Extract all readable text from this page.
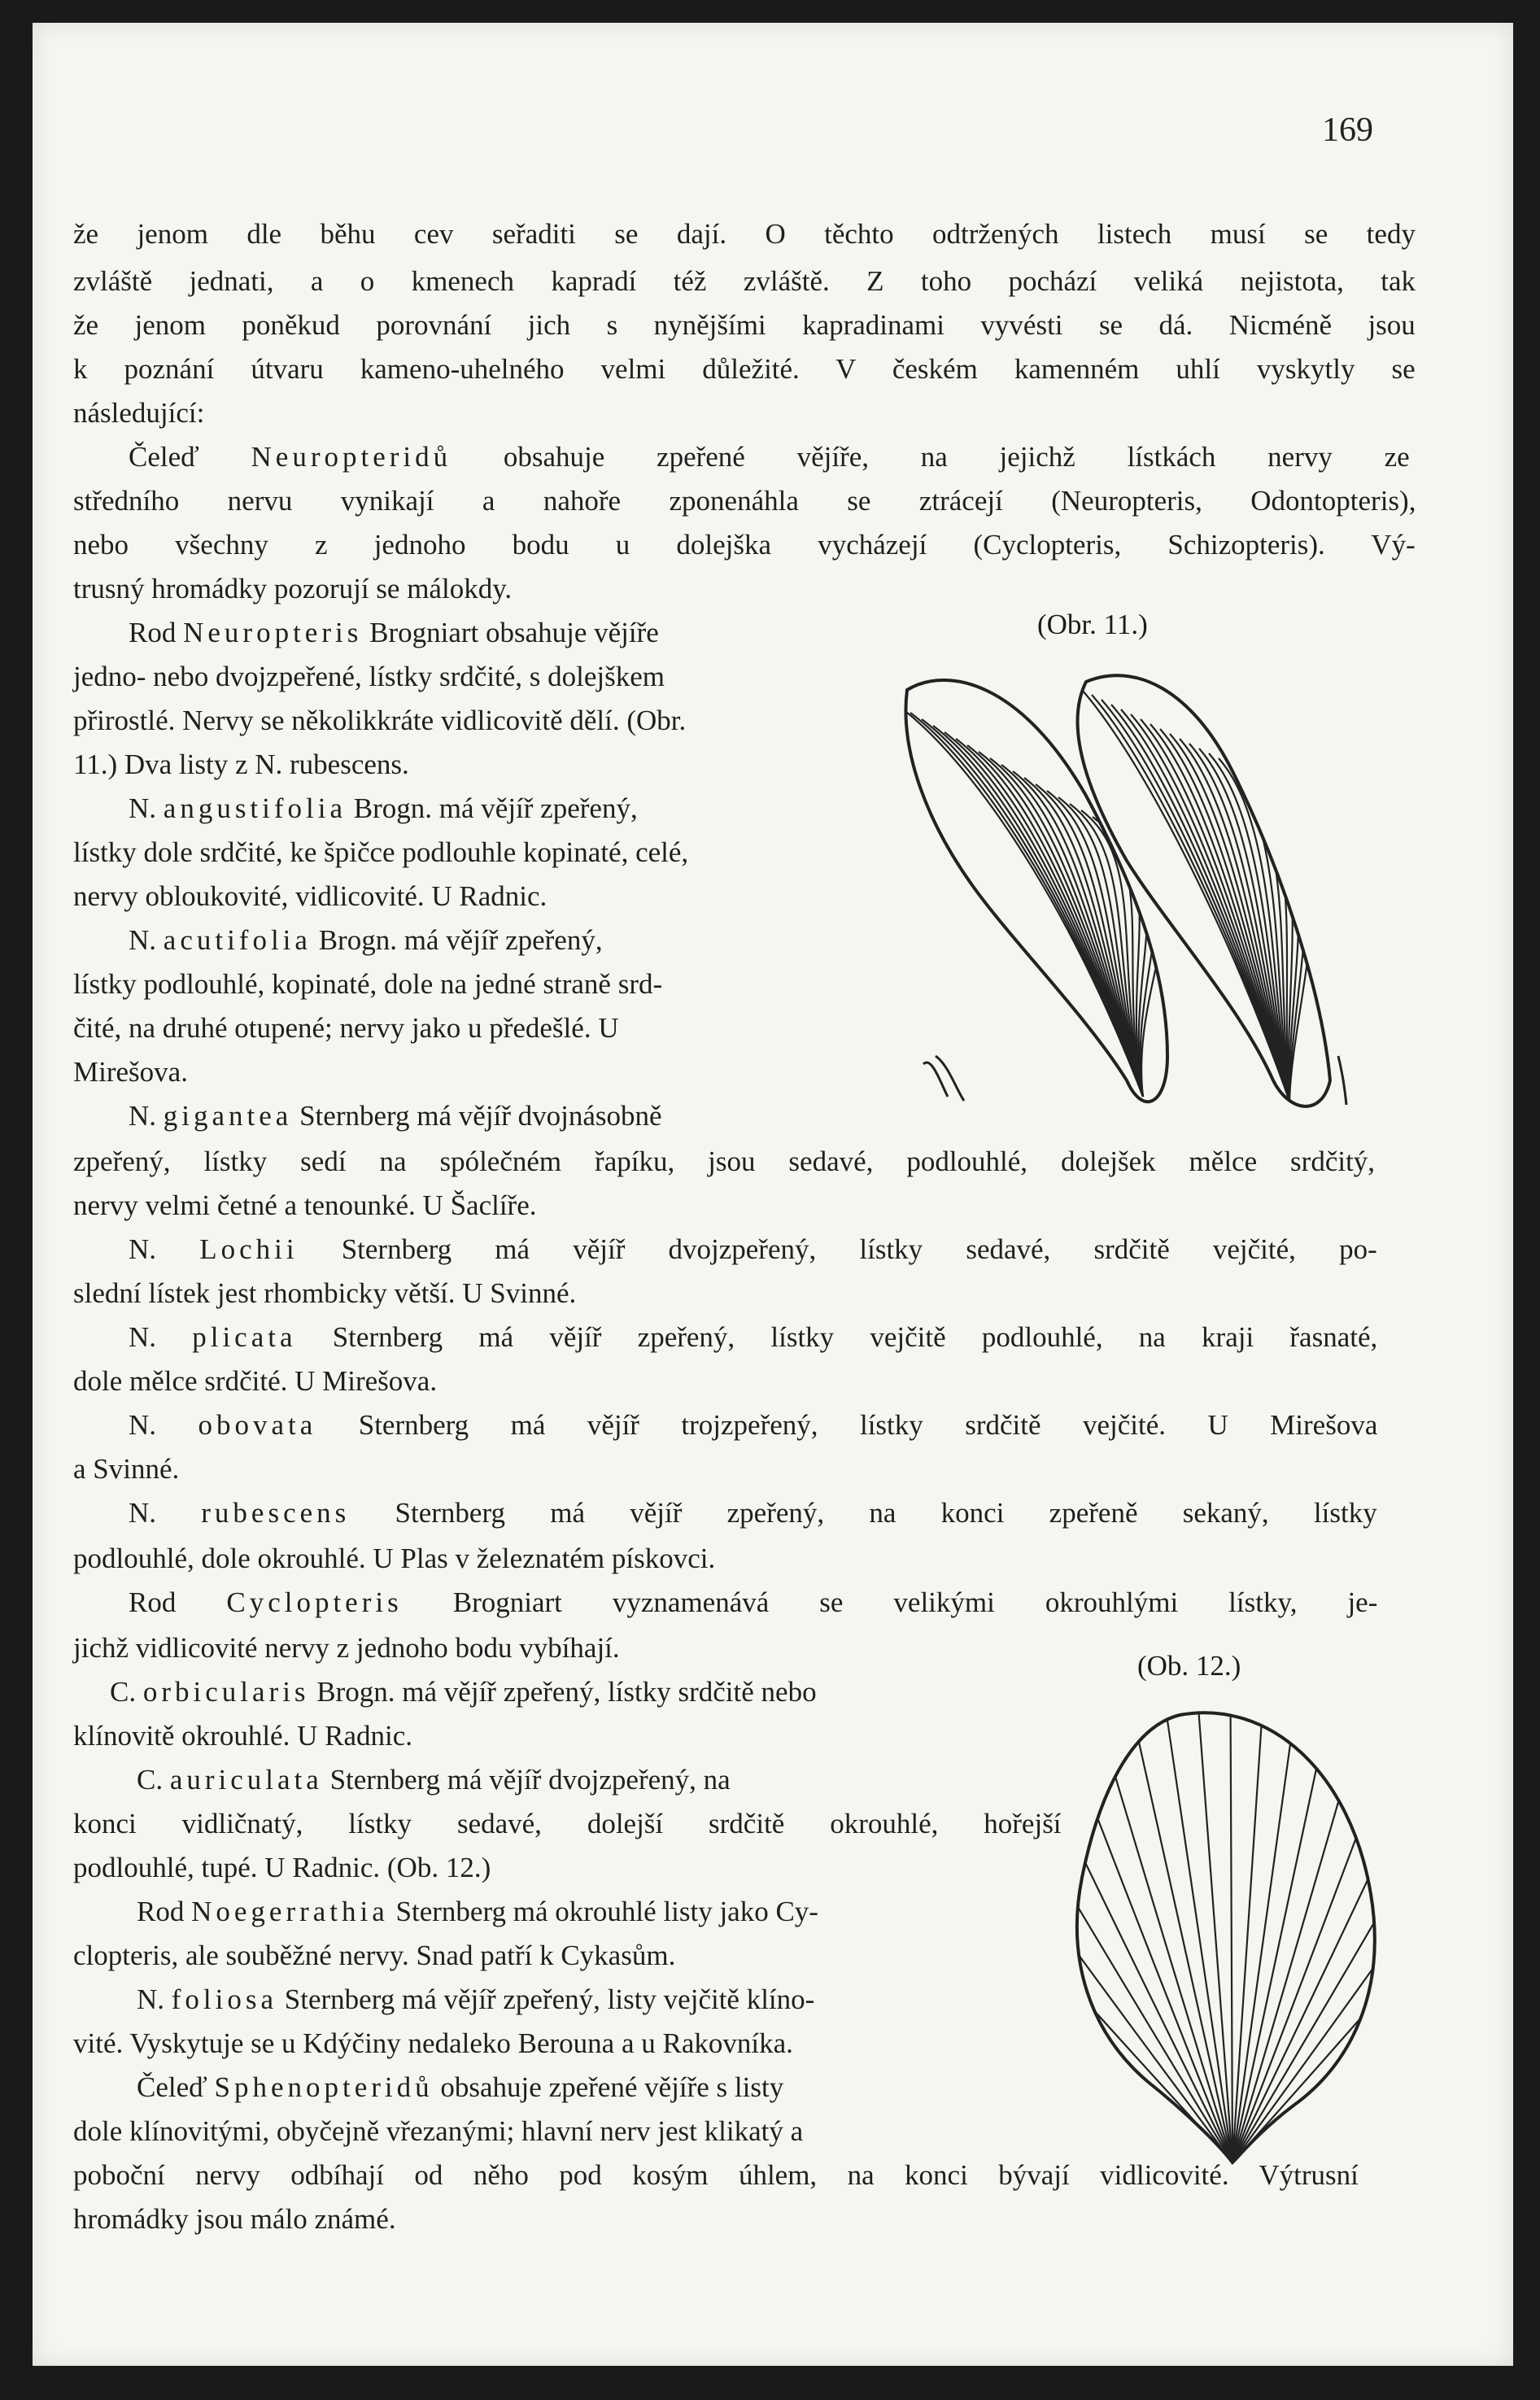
169
že jenom dle běhu cev seřaditi se dají. O těchto odtržených listech musí se tedy
zvláště jednati, a o kmenech kapradí též zvláště. Z toho pochází veliká nejistota, tak
že jenom poněkud porovnání jich s nynějšími kapradinami vyvésti se dá. Nicméně jsou
k poznání útvaru kameno-uhelného velmi důležité. V českém kamenném uhlí vyskytly se
následující:
Čeleď Neuropteridů obsahuje zpeřené vějíře, na jejichž lístkách nervy ze
středního nervu vynikají a nahoře zponenáhla se ztrácejí (Neuropteris, Odontopteris),
nebo všechny z jednoho bodu u dolejška vycházejí (Cyclopteris, Schizopteris). Vý-
trusný hromádky pozorují se málokdy.
Rod Neuropteris Brogniart obsahuje vějíře
jedno- nebo dvojzpeřené, lístky srdčité, s dolejškem
přirostlé. Nervy se několikkráte vidlicovitě dělí. (Obr.
11.) Dva listy z N. rubescens.
N. angustifolia Brogn. má vějíř zpeřený,
lístky dole srdčité, ke špičce podlouhle kopinaté, celé,
nervy obloukovité, vidlicovité. U Radnic.
N. acutifolia Brogn. má vějíř zpeřený,
lístky podlouhlé, kopinaté, dole na jedné straně srd-
čité, na druhé otupené; nervy jako u předešlé. U
Mirešova.
N. gigantea Sternberg má vějíř dvojnásobně
zpeřený, lístky sedí na spólečném řapíku, jsou sedavé, podlouhlé, dolejšek mělce srdčitý,
nervy velmi četné a tenounké. U Šaclíře.
N. Lochii Sternberg má vějíř dvojzpeřený, lístky sedavé, srdčitě vejčité, po-
slední lístek jest rhombicky větší. U Svinné.
N. plicata Sternberg má vějíř zpeřený, lístky vejčitě podlouhlé, na kraji řasnaté,
dole mělce srdčité. U Mirešova.
N. obovata Sternberg má vějíř trojzpeřený, lístky srdčitě vejčité. U Mirešova
a Svinné.
N. rubescens Sternberg má vějíř zpeřený, na konci zpeřeně sekaný, lístky
podlouhlé, dole okrouhlé. U Plas v železnatém pískovci.
Rod Cyclopteris Brogniart vyznamenává se velikými okrouhlými lístky, je-
jichž vidlicovité nervy z jednoho bodu vybíhají.
C. orbicularis Brogn. má vějíř zpeřený, lístky srdčitě nebo
klínovitě okrouhlé. U Radnic.
C. auriculata Sternberg má vějíř dvojzpeřený, na
konci vidličnatý, lístky sedavé, dolejší srdčitě okrouhlé, hořejší
podlouhlé, tupé. U Radnic. (Ob. 12.)
Rod Noegerrathia Sternberg má okrouhlé listy jako Cy-
clopteris, ale souběžné nervy. Snad patří k Cykasům.
N. foliosa Sternberg má vějíř zpeřený, listy vejčitě klíno-
vité. Vyskytuje se u Kdýčiny nedaleko Berouna a u Rakovníka.
Čeleď Sphenopteridů obsahuje zpeřené vějíře s listy
dole klínovitými, obyčejně vřezanými; hlavní nerv jest klikatý a
poboční nervy odbíhají od něho pod kosým úhlem, na konci bývají vidlicovité. Výtrusní
hromádky jsou málo známé.
(Obr. 11.)
(Ob. 12.)
